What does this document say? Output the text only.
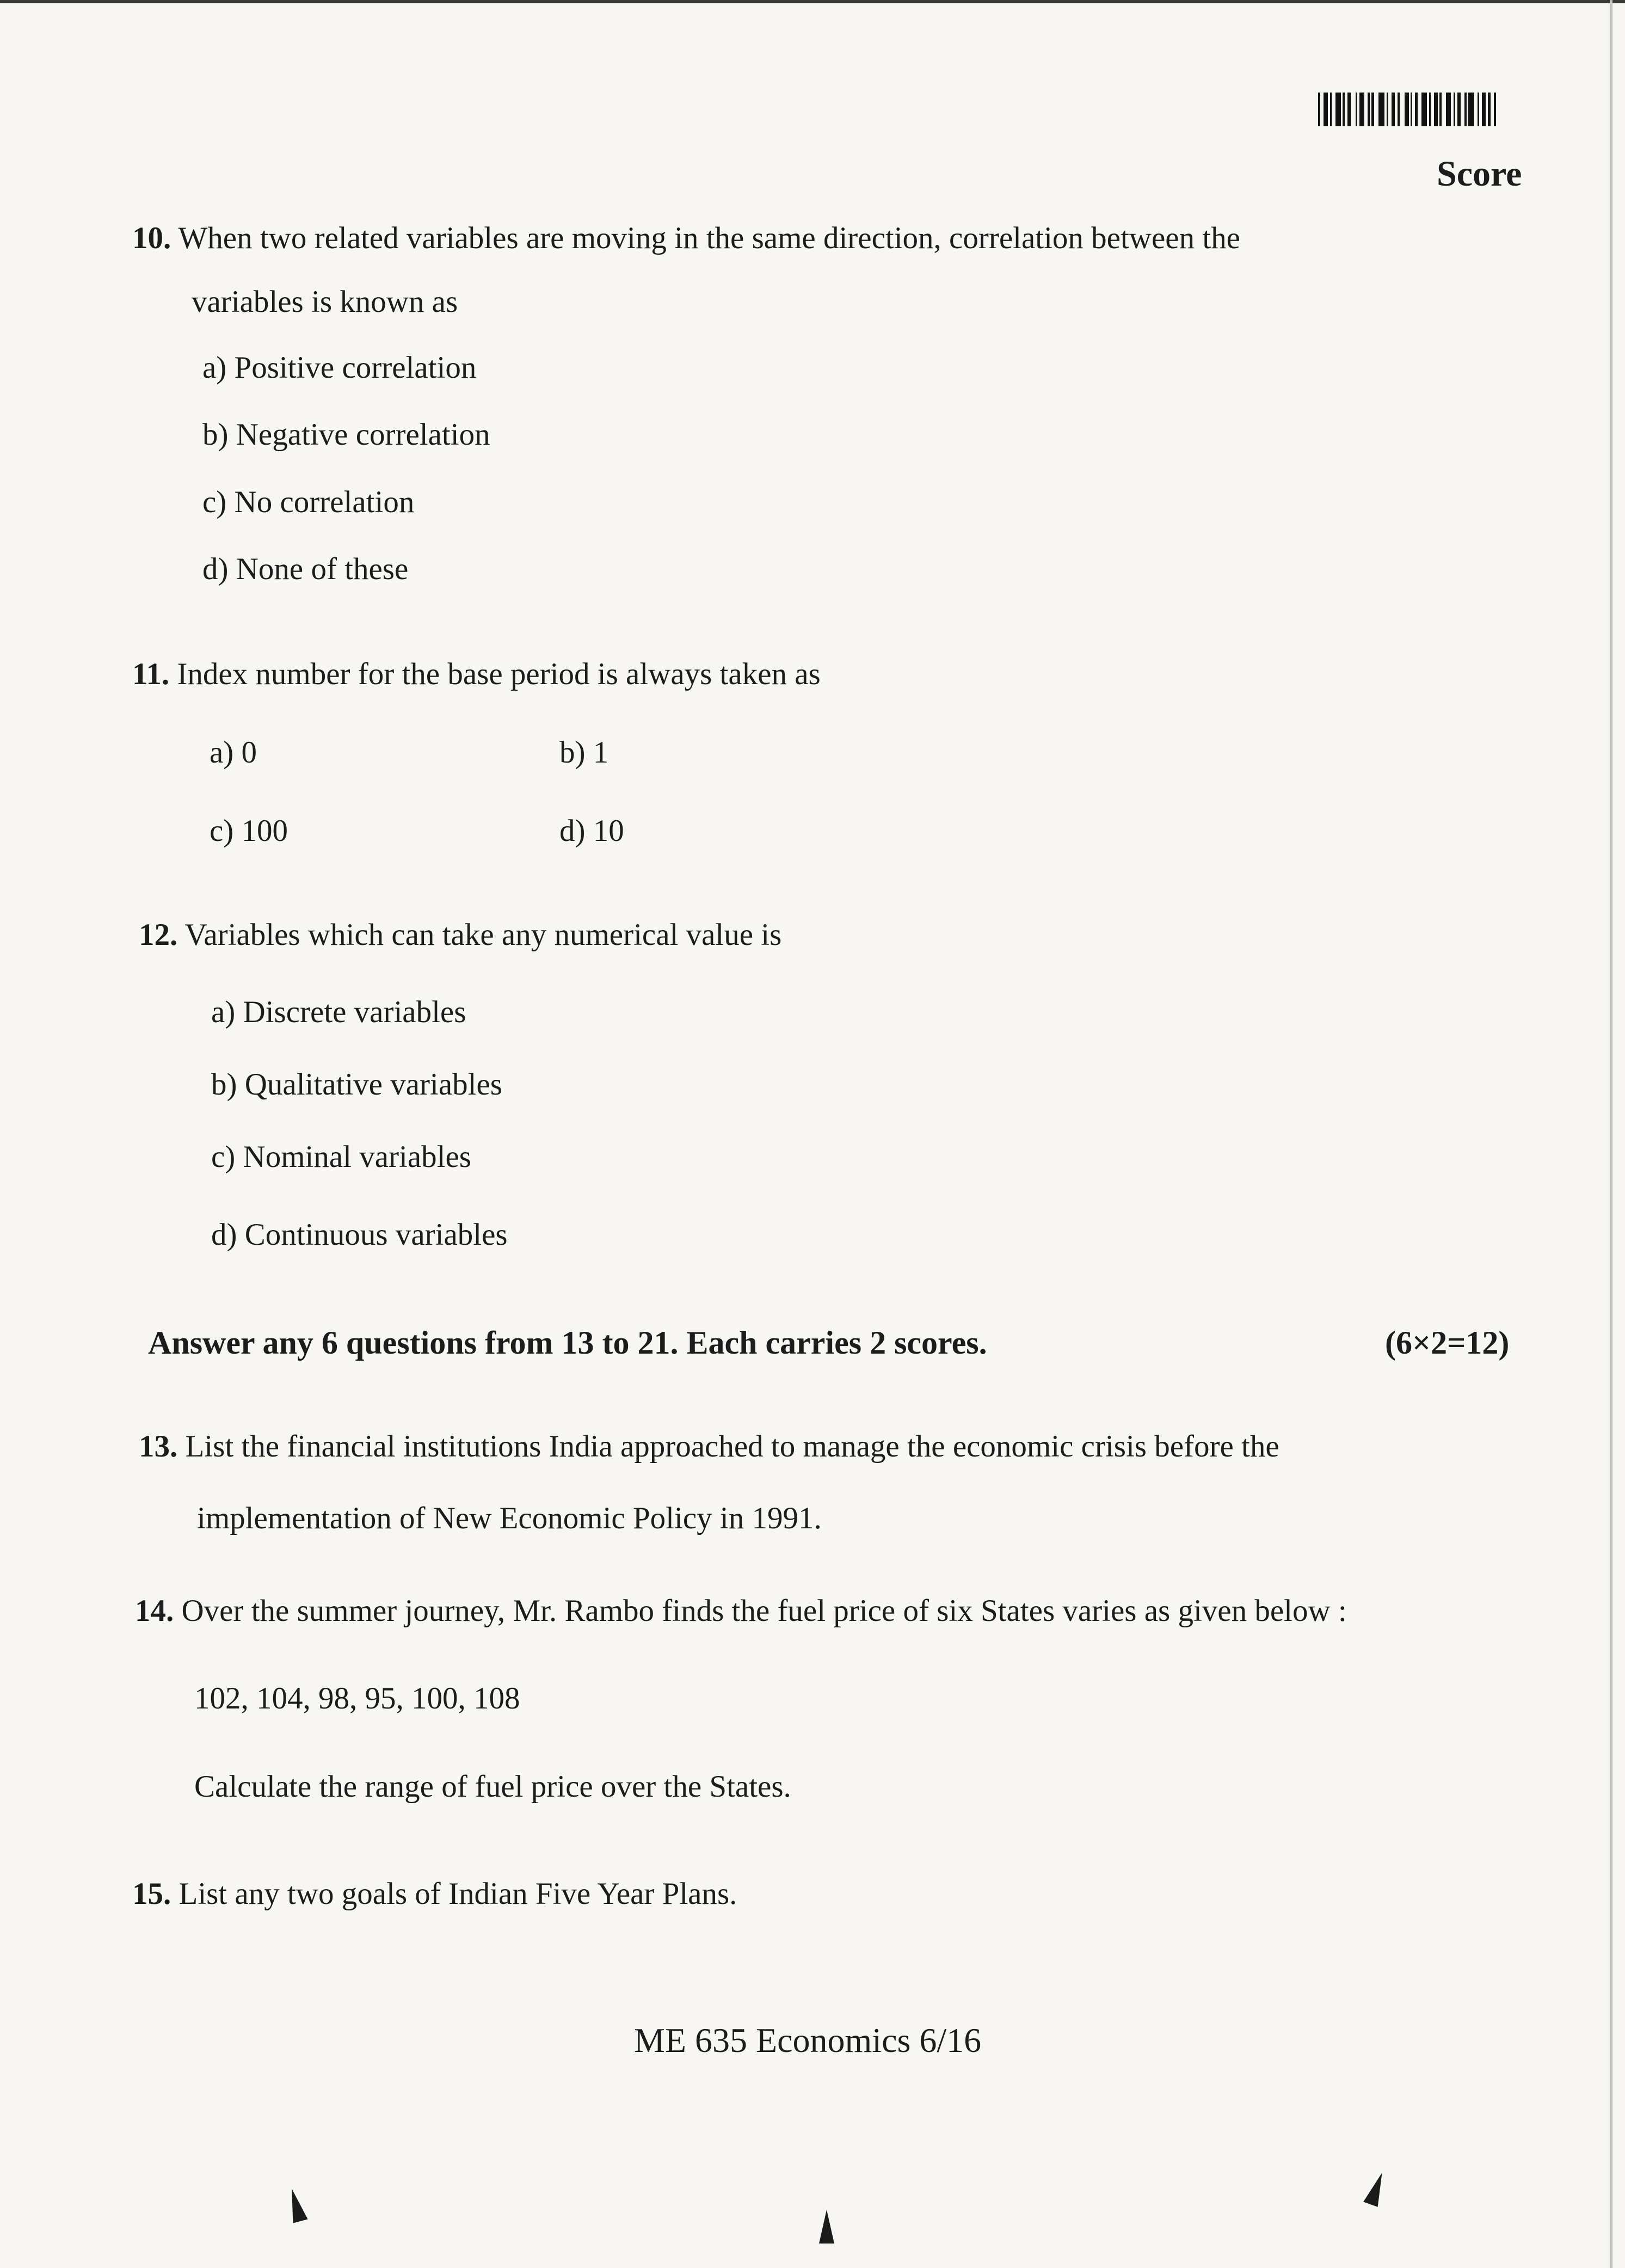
Score
10. When two related variables are moving in the same direction, correlation between the
variables is known as
a) Positive correlation
b) Negative correlation
c) No correlation
d) None of these
11. Index number for the base period is always taken as
a) 0	b) 1
c) 100	d) 10
12. Variables which can take any numerical value is
a) Discrete variables
b) Qualitative variables
c) Nominal variables
d) Continuous variables
Answer any 6 questions from 13 to 21. Each carries 2 scores.	(6×2=12)
13. List the financial institutions India approached to manage the economic crisis before the
implementation of New Economic Policy in 1991.
14. Over the summer journey, Mr. Rambo finds the fuel price of six States varies as given below :
102, 104, 98, 95, 100, 108
Calculate the range of fuel price over the States.
15. List any two goals of Indian Five Year Plans.
ME 635 Economics 6/16
